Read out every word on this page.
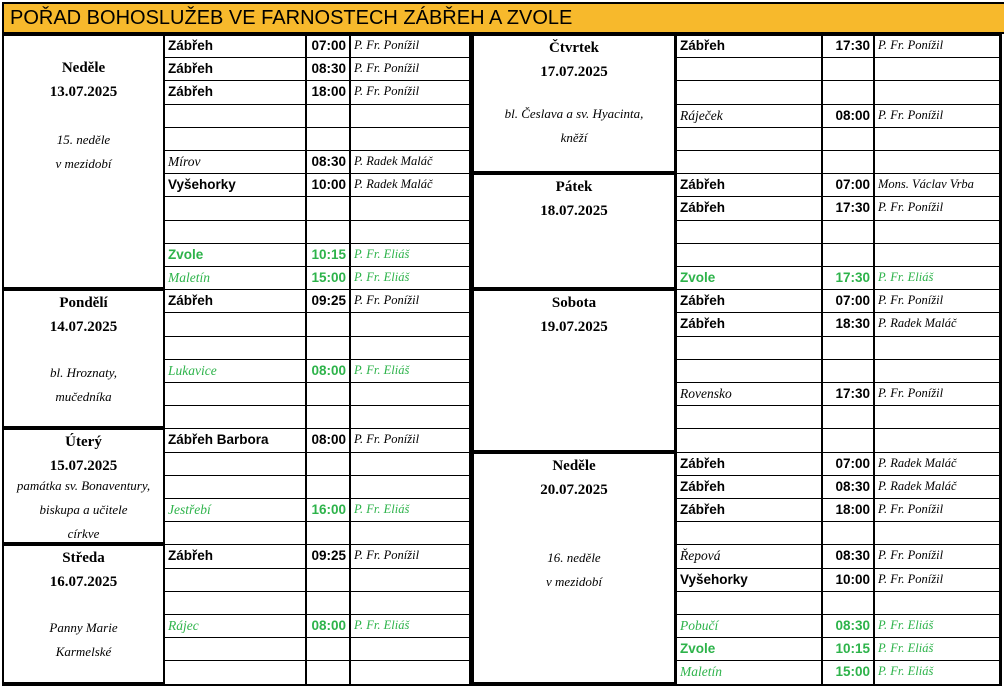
POŘAD BOHOSLUŽEB VE FARNOSTECH ZÁBŘEH A ZVOLE
Neděle
13.07.2025
15. neděle
v mezidobí
Zábřeh	07:00 P. Fr. Ponížil
Zábřeh	08:30 P. Fr. Ponížil
Zábřeh	18:00 P. Fr. Ponížil
Mírov	08:30 P. Radek Maláč
Vyšehorky	10:00 P. Radek Maláč
Zvole	10:15 P. Fr. Eliáš
Maletín	15:00 P. Fr. Eliáš
Pondělí
14.07.2025
bl. Hroznaty,
mučedníka
Zábřeh	09:25 P. Fr. Ponížil
Lukavice	08:00 P. Fr. Eliáš
Úterý
15.07.2025
památka sv. Bonaventury,
biskupa a učitele
církve
Zábřeh Barbora	08:00 P. Fr. Ponížil
Jestřebí	16:00 P. Fr. Eliáš
Středa
16.07.2025
Panny Marie
Karmelské
Zábřeh	09:25 P. Fr. Ponížil
Rájec	08:00 P. Fr. Eliáš
Čtvrtek
17.07.2025
bl. Česlava a sv. Hyacinta,
kněží
Zábřeh	17:30 P. Fr. Ponížil
Ráječek	08:00 P. Fr. Ponížil
Pátek
18.07.2025
Zábřeh	07:00 Mons. Václav Vrba
Zábřeh	17:30 P. Fr. Ponížil
Zvole	17:30 P. Fr. Eliáš
Sobota
19.07.2025
Zábřeh	07:00 P. Fr. Ponížil
Zábřeh	18:30 P. Radek Maláč
Rovensko	17:30 P. Fr. Ponížil
Neděle
20.07.2025
16. neděle
v mezidobí
Zábřeh	07:00 P. Radek Maláč
Zábřeh	08:30 P. Radek Maláč
Zábřeh	18:00 P. Fr. Ponížil
Řepová	08:30 P. Fr. Ponížil
Vyšehorky	10:00 P. Fr. Ponížil
Pobučí	08:30 P. Fr. Eliáš
Zvole	10:15 P. Fr. Eliáš
Maletín	15:00 P. Fr. Eliáš
